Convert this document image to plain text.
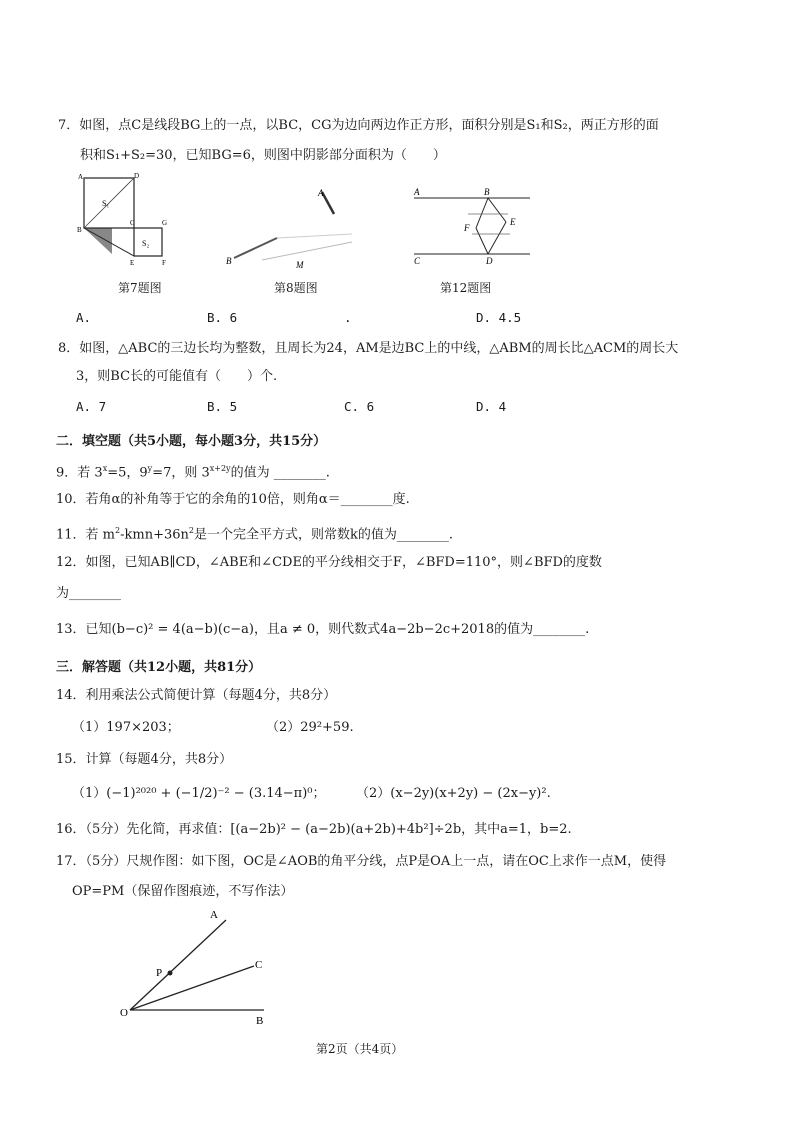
7．如图，点C是线段BG上的一点，以BC，CG为边向两边作正方形，面积分别是S₁和S₂，两正方形的面
积和S₁+S₂=30，已知BG=6，则图中阴影部分面积为（　　）
A	D
S₁
B
C	G
S₂
E	F
A
B	M
A	B
E
F
C	D
第7题图	第8题图	第12题图
A.	B. 6	.	D. 4.5
8．如图，△ABC的三边长均为整数，且周长为24，AM是边BC上的中线，△ABM的周长比△ACM的周长大
3，则BC长的可能值有（　　）个.
A. 7	B. 5	C. 6	D. 4
二．填空题（共5小题，每小题3分，共15分）
9．若 $3^x=5$，$9^y=7$，则 $3^{x+2y}$的值为 ________.
10．若角α的补角等于它的余角的10倍，则角α＝________度.
11．若 $m^2-kmn+36n^2$是一个完全平方式，则常数k的值为________.
12．如图，已知AB∥CD，∠ABE和∠CDE的平分线相交于F，∠BFD=110°，则∠BFD的度数
为________
13．已知(b−c)² = 4(a−b)(c−a)，且a ≠ 0，则代数式4a−2b−2c+2018的值为________.
三．解答题（共12小题，共81分）
14．利用乘法公式简便计算（每题4分，共8分）
（1）197×203；	（2）29²+59.
15．计算（每题4分，共8分）
（1）(−1)²⁰²⁰ + (−1/2)⁻² − (3.14−π)⁰； （2）(x−2y)(x+2y) − (2x−y)².
16．（5分）先化简，再求值：[(a−2b)² − (a−2b)(a+2b)+4b²]÷2b，其中a=1，b=2.
17．（5分）尺规作图：如下图，OC是∠AOB的角平分线，点P是OA上一点，请在OC上求作一点M，使得
OP=PM（保留作图痕迹，不写作法）
A
P
C
O
B
第2页（共4页）
